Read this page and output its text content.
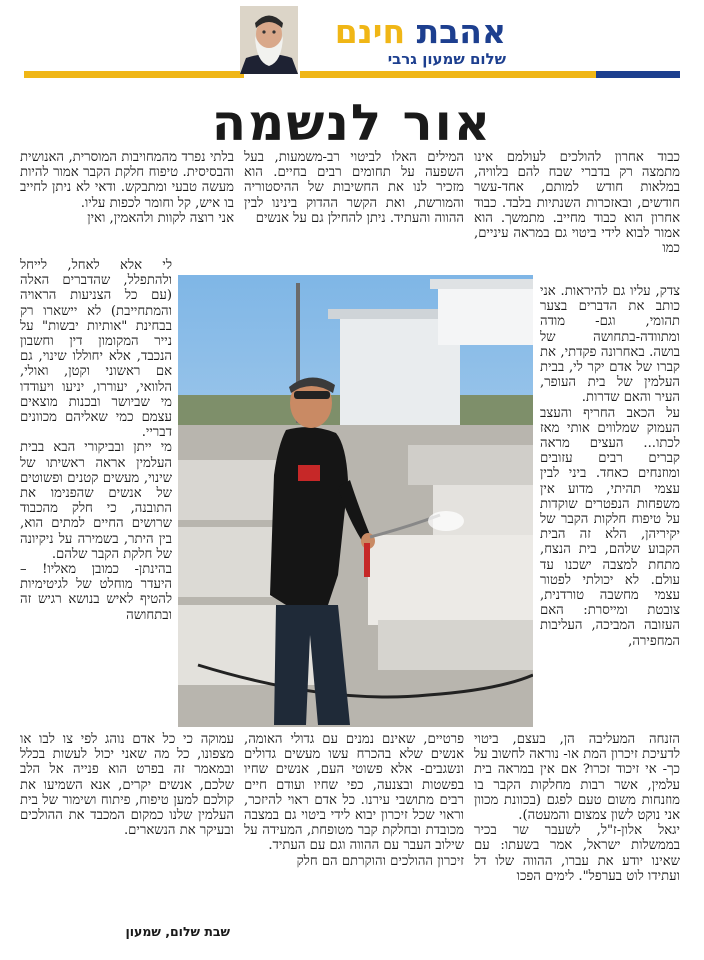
אהבת חינם
שלום שמעון גרבי
אור לנשמה

כבוד אחרון להולכים לעולמם אינו מתמצה רק בדברי שבח להם בלוויה, במלאות חודש למותם, אחד-עשר חודשים, ובאזכרות השנתיות בלבד. כבוד אחרון הוא כבוד מחייב. מתמשך. הוא אמור לבוא לידי ביטוי גם במראה עיניים, כמו

המילים האלו לביטוי רב-משמעות, בעל השפעה על תחומים רבים בחיים. הוא מזכיר לנו את החשיבות של ההיסטוריה והמורשת, ואת הקשר ההדוק בינינו לבין ההווה והעתיד. ניתן להחילן גם על אנשים

בלתי נפרד מהמחויבות המוסרית, האנושית והבסיסית. טיפוח חלקת הקבר אמור להיות מעשה טבעי ומתבקש. ודאי לא ניתן לחייב בו איש, קל וחומר לכפות עליו.

אני רוצה לקוות ולהאמין, ואין

צדק, עליו גם להיראות. אני כותב את הדברים בצער תהומי, וגם- מודה ומתוודה-בתחושה של בושה. באחרונה פקדתי, את קברו של אדם יקר לי, בבית העלמין של בית העופר, העיר והאם שדרות.

על הכאב החריף והעצב העמוק שמלווים אותי מאז לכתו... העצים מראה קברים רבים עזובים ומוזנחים כאחד. ביני לבין עצמי תהיתי, מדוע אין משפחות הנפטרים שוקדות על טיפוח חלקות הקבר של יקיריהן, הלא זה הבית הקבוע שלהם, בית הנצח, מתחת למצבה ישכנו עד עולם. לא יכולתי לפטור עצמי מחשבה טורדנית, צובטת ומייסרת: האם העזובה המביכה, העליבות המחפירה,

לי אלא לאחל, לייחל ולהתפלל, שהדברים האלה (עם כל הצניעות הראויה והמתחייבת) לא יישארו רק בבחינת "אותיות יבשות" על נייר המקומון דין וחשבון הנכבד, אלא יחוללו שינוי, גם אם ראשוני וקטן, ואולי, הלוואי, יעוררו, יניעו ויעודדו מי שביושר ובכנות מוצאים עצמם כמי שאליהם מכוונים דבריי.

מי ייתן ובביקורי הבא בבית העלמין אראה ראשיתו של שינוי, מעשים קטנים ופשוטים של אנשים שהפנימו את התובנה, כי חלק מהכבוד שרושים החיים למתים הוא, בין היתר, בשמירה על ניקיונה של חלקת הקבר שלהם.

בהינתן- כמובן מאליו! – היעדר מוחלט של לגיטימיות להטיף לאיש בנושא רגיש זה ובתחושה

הזנחה המעליבה הן, בעצם, ביטוי לדעיכת זיכרון המת או- נוראה לחשוב על כך- אי זיכוד זכרו? אם אין במראה בית עלמין, אשר רבות מחלקות הקבר בו מוזנחות משום טעם לפגם (בכוונת מכוון אני נוקט לשון צמצום והמעטה).

יגאל אלון-ז"ל, לשעבר שר בכיר בממשלות ישראל, אמר בשעתו: עם שאינו יודע את עברו, ההווה שלו דל ועתידו לוט בערפל". לימים הפכו

פרטיים, שאינם נמנים עם גדולי האומה, אנשים שלא בהכרח עשו מעשים גדולים ונשגבים- אלא פשוטי העם, אנשים שחיו בפשטות ובצנעה, כפי שחיו ועודם חיים רבים מתושבי עירנו. כל אדם ראוי להיזכר, וראוי שכל זיכרון יבוא לידי ביטוי גם במצבה מכובדת ובחלקת קבר מטופחת, המעידה על שילוב העבר עם ההווה וגם עם העתיד.

זיכרון ההולכים והוקרתם הם חלק

עמוקה כי כל אדם נוהג לפי צו לבו או מצפונו, כל מה שאני יכול לעשות בכלל ובמאמר זה בפרט הוא פנייה אל הלב שלכם, אנשים יקרים, אנא השמיעו את קולכם למען טיפוח, פיתוח ושימור של בית העלמין שלנו כמקום המכבד את ההולכים ובעיקר את הנשארים.

שבת שלום, שמעון
